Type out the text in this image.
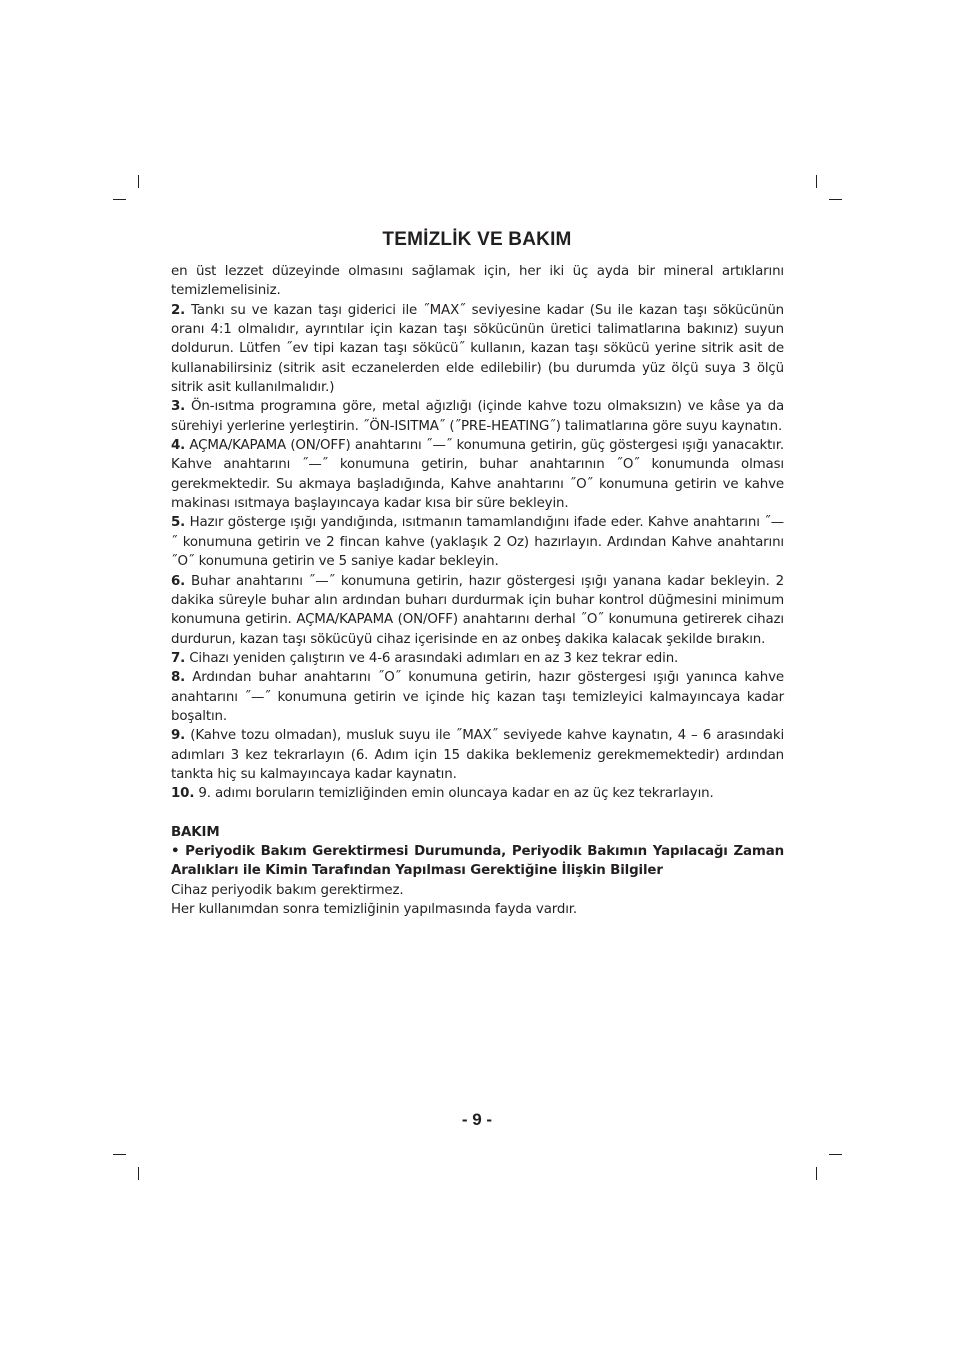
TEMİZLİK VE BAKIM

en üst lezzet düzeyinde olmasını sağlamak için, her iki üç ayda bir mineral artıklarını temizlemelisiniz.

2. Tankı su ve kazan taşı giderici ile ˝MAX˝ seviyesine kadar (Su ile kazan taşı sökücünün oranı 4:1 olmalıdır, ayrıntılar için kazan taşı sökücünün üretici talimatlarına bakınız) suyun doldurun. Lütfen ˝ev tipi kazan taşı sökücü˝ kullanın, kazan taşı sökücü yerine sitrik asit de kullanabilirsiniz (sitrik asit eczanelerden elde edilebilir) (bu durumda yüz ölçü suya 3 ölçü sitrik asit kullanılmalıdır.)

3. Ön-ısıtma programına göre, metal ağızlığı (içinde kahve tozu olmaksızın) ve kâse ya da sürehiyi yerlerine yerleştirin. ˝ÖN-ISITMA˝ (˝PRE-HEATING˝) talimatlarına göre suyu kaynatın.

4. AÇMA/KAPAMA (ON/OFF) anahtarını ˝—˝ konumuna getirin, güç göstergesi ışığı yanacaktır. Kahve anahtarını ˝—˝ konumuna getirin, buhar anahtarının ˝O˝ konumunda olması gerekmektedir. Su akmaya başladığında, Kahve anahtarını ˝O˝ konumuna getirin ve kahve makinası ısıtmaya başlayıncaya kadar kısa bir süre bekleyin.

5. Hazır gösterge ışığı yandığında, ısıtmanın tamamlandığını ifade eder. Kahve anahtarını ˝—˝ konumuna getirin ve 2 fincan kahve (yaklaşık 2 Oz) hazırlayın. Ardından Kahve anahtarını ˝O˝ konumuna getirin ve 5 saniye kadar bekleyin.

6. Buhar anahtarını ˝—˝ konumuna getirin, hazır göstergesi ışığı yanana kadar bekleyin. 2 dakika süreyle buhar alın ardından buharı durdurmak için buhar kontrol düğmesini minimum konumuna getirin. AÇMA/KAPAMA (ON/OFF) anahtarını derhal ˝O˝ konumuna getirerek cihazı durdurun, kazan taşı sökücüyü cihaz içerisinde en az onbeş dakika kalacak şekilde bırakın.

7. Cihazı yeniden çalıştırın ve 4-6 arasındaki adımları en az 3 kez tekrar edin.

8. Ardından buhar anahtarını ˝O˝ konumuna getirin, hazır göstergesi ışığı yanınca kahve anahtarını ˝—˝ konumuna getirin ve içinde hiç kazan taşı temizleyici kalmayıncaya kadar boşaltın.

9. (Kahve tozu olmadan), musluk suyu ile ˝MAX˝ seviyede kahve kaynatın, 4 – 6 arasındaki adımları 3 kez tekrarlayın (6. Adım için 15 dakika beklemeniz gerekmemektedir) ardından tankta hiç su kalmayıncaya kadar kaynatın.

10. 9. adımı boruların temizliğinden emin oluncaya kadar en az üç kez tekrarlayın.

BAKIM

• Periyodik Bakım Gerektirmesi Durumunda, Periyodik Bakımın Yapılacağı Zaman Aralıkları ile Kimin Tarafından Yapılması Gerektiğine İlişkin Bilgiler

Cihaz periyodik bakım gerektirmez.

Her kullanımdan sonra temizliğinin yapılmasında fayda vardır.

- 9 -
